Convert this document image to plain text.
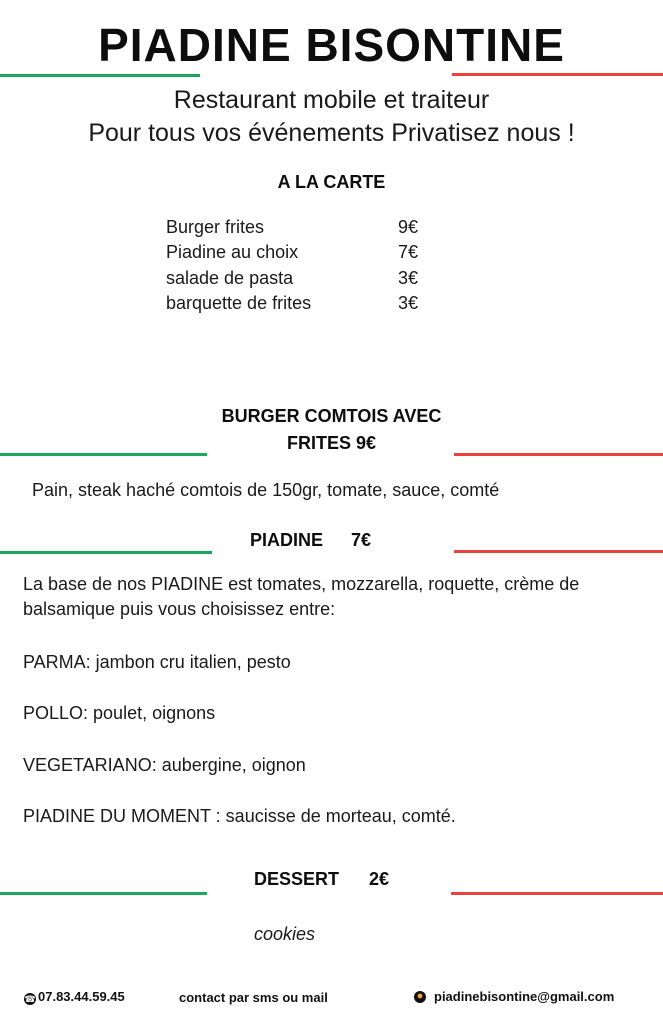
PIADINE BISONTINE
Restaurant mobile et traiteur
Pour tous vos événements Privatisez nous !
A LA CARTE
Burger frites	9€
Piadine au choix	7€
salade de pasta	3€
barquette de frites	3€
BURGER COMTOIS AVEC
FRITES 9€
Pain, steak haché comtois de 150gr, tomate, sauce, comté
PIADINE 7€
La base de nos PIADINE est tomates, mozzarella, roquette, crème de balsamique puis vous choisissez entre:
PARMA: jambon cru italien, pesto
POLLO: poulet, oignons
VEGETARIANO: aubergine, oignon
PIADINE DU MOMENT : saucisse de morteau, comté.
DESSERT 2€
cookies
☎ 07.83.44.59.45	contact par sms ou mail	piadinebisontine@gmail.com
